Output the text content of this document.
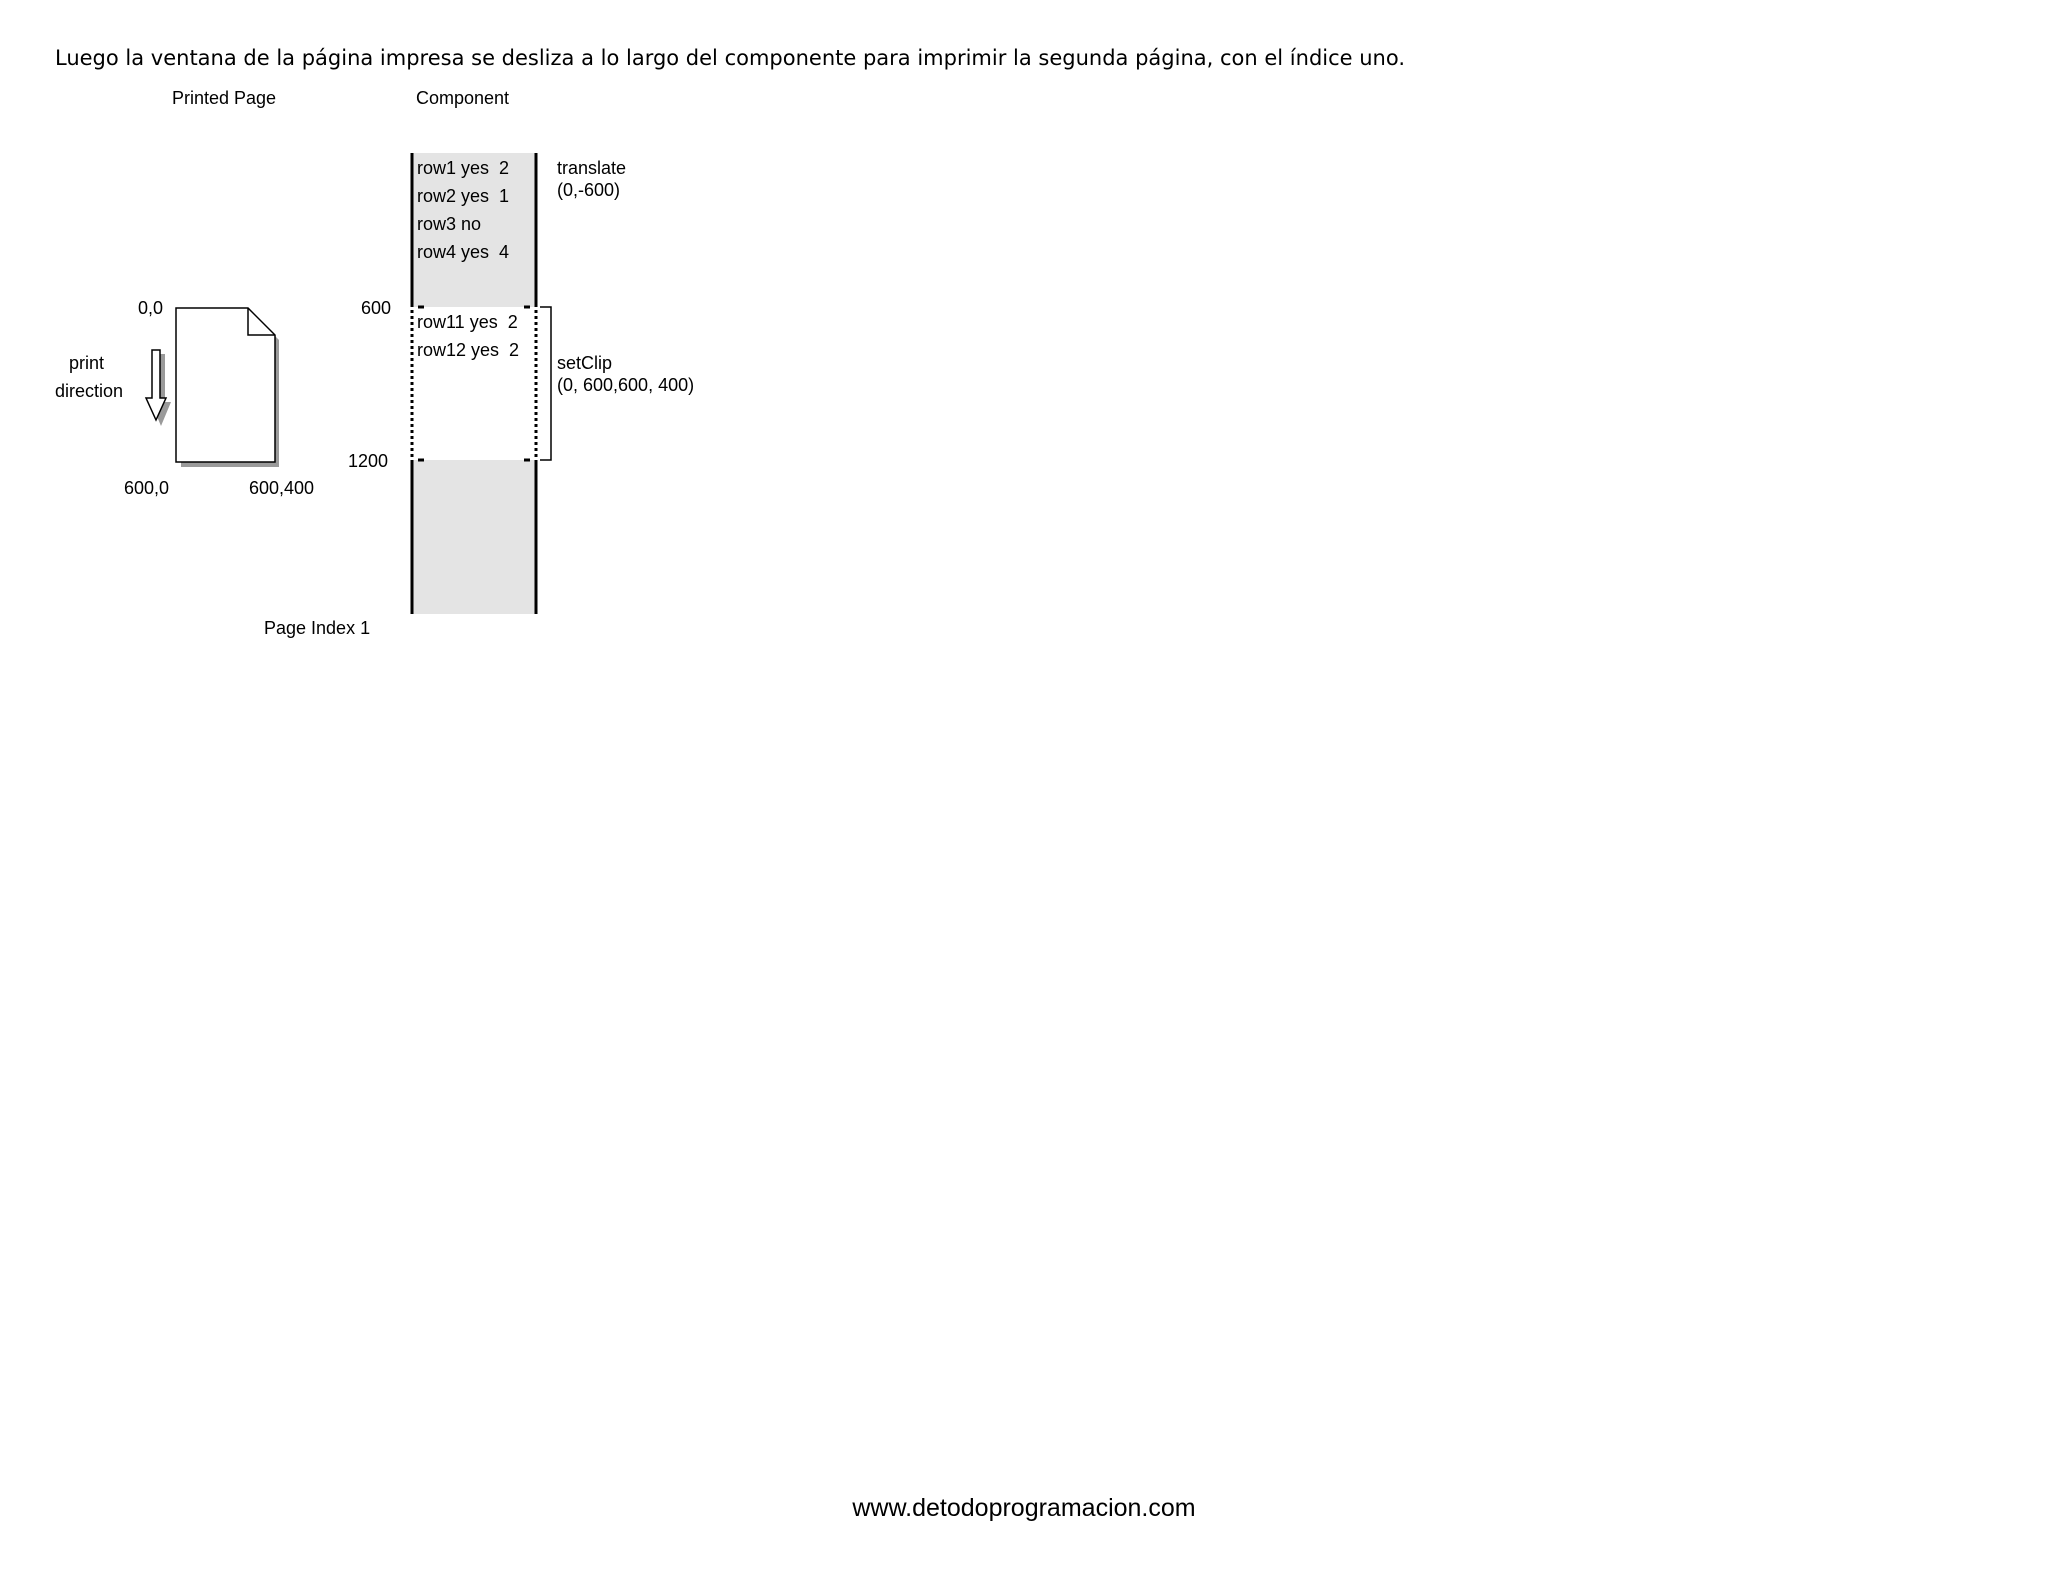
Luego la ventana de la página impresa se desliza a lo largo del componente para imprimir la segunda página, con el índice uno.
Printed Page	Component
0,0
600,0	600,400
print
direction
600
1200
row1 yes  2
row2 yes  1
row3 no
row4 yes  4
row11 yes  2
row12 yes  2
translate
(0,-600)
setClip
(0, 600,600, 400)
Page Index 1
www.detodoprogramacion.com
